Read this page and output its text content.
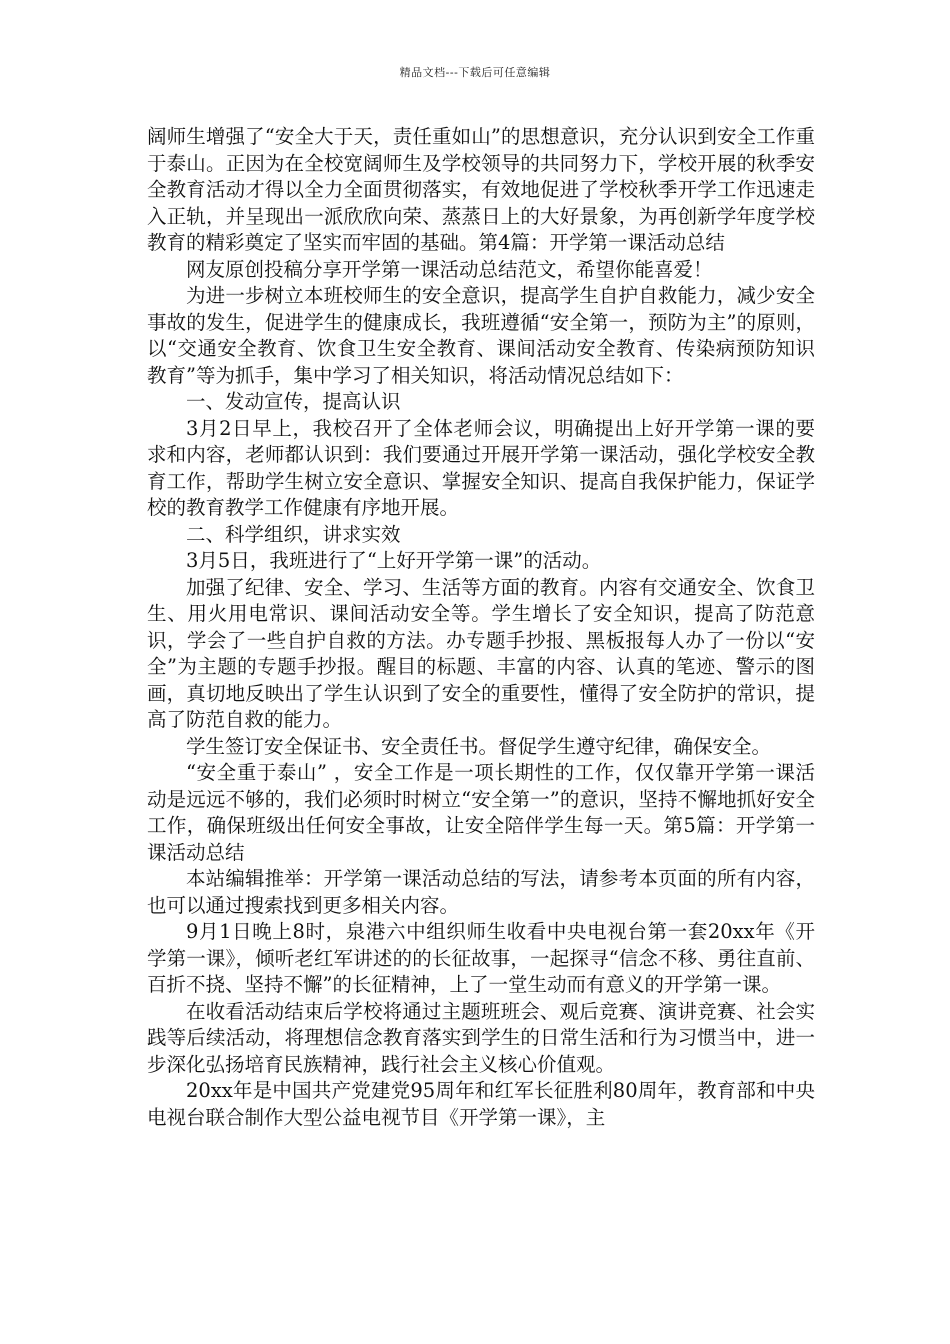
精品文档---下载后可任意编辑

阔师生增强了“安全大于天，责任重如山”的思想意识，充分认识到安全工作重于泰山。正因为在全校宽阔师生及学校领导的共同努力下，学校开展的秋季安全教育活动才得以全力全面贯彻落实，有效地促进了学校秋季开学工作迅速走入正轨，并呈现出一派欣欣向荣、蒸蒸日上的大好景象，为再创新学年度学校教育的精彩奠定了坚实而牢固的基础。第4篇：开学第一课活动总结

网友原创投稿分享开学第一课活动总结范文，希望你能喜爱！

为进一步树立本班校师生的安全意识，提高学生自护自救能力，减少安全事故的发生，促进学生的健康成长，我班遵循“安全第一，预防为主”的原则，以“交通安全教育、饮食卫生安全教育、课间活动安全教育、传染病预防知识教育”等为抓手，集中学习了相关知识，将活动情况总结如下：

一、发动宣传，提高认识

3月2日早上，我校召开了全体老师会议，明确提出上好开学第一课的要求和内容，老师都认识到：我们要通过开展开学第一课活动，强化学校安全教育工作，帮助学生树立安全意识、掌握安全知识、提高自我保护能力，保证学校的教育教学工作健康有序地开展。

二、科学组织，讲求实效

3月5日，我班进行了“上好开学第一课”的活动。

加强了纪律、安全、学习、生活等方面的教育。内容有交通安全、饮食卫生、用火用电常识、课间活动安全等。学生增长了安全知识，提高了防范意识，学会了一些自护自救的方法。办专题手抄报、黑板报每人办了一份以“安全”为主题的专题手抄报。醒目的标题、丰富的内容、认真的笔迹、警示的图画，真切地反映出了学生认识到了安全的重要性，懂得了安全防护的常识，提高了防范自救的能力。

学生签订安全保证书、安全责任书。督促学生遵守纪律，确保安全。

“安全重于泰山” ，安全工作是一项长期性的工作，仅仅靠开学第一课活动是远远不够的，我们必须时时树立“安全第一”的意识，坚持不懈地抓好安全工作，确保班级出任何安全事故，让安全陪伴学生每一天。第5篇：开学第一课活动总结

本站编辑推举：开学第一课活动总结的写法，请参考本页面的所有内容，也可以通过搜索找到更多相关内容。

9月1日晚上8时，泉港六中组织师生收看中央电视台第一套20xx年《开学第一课》，倾听老红军讲述的的长征故事，一起探寻“信念不移、勇往直前、百折不挠、坚持不懈”的长征精神，上了一堂生动而有意义的开学第一课。

在收看活动结束后学校将通过主题班班会、观后竞赛、演讲竞赛、社会实践等后续活动，将理想信念教育落实到学生的日常生活和行为习惯当中，进一步深化弘扬培育民族精神，践行社会主义核心价值观。

20xx年是中国共产党建党95周年和红军长征胜利80周年，教育部和中央电视台联合制作大型公益电视节目《开学第一课》，主
